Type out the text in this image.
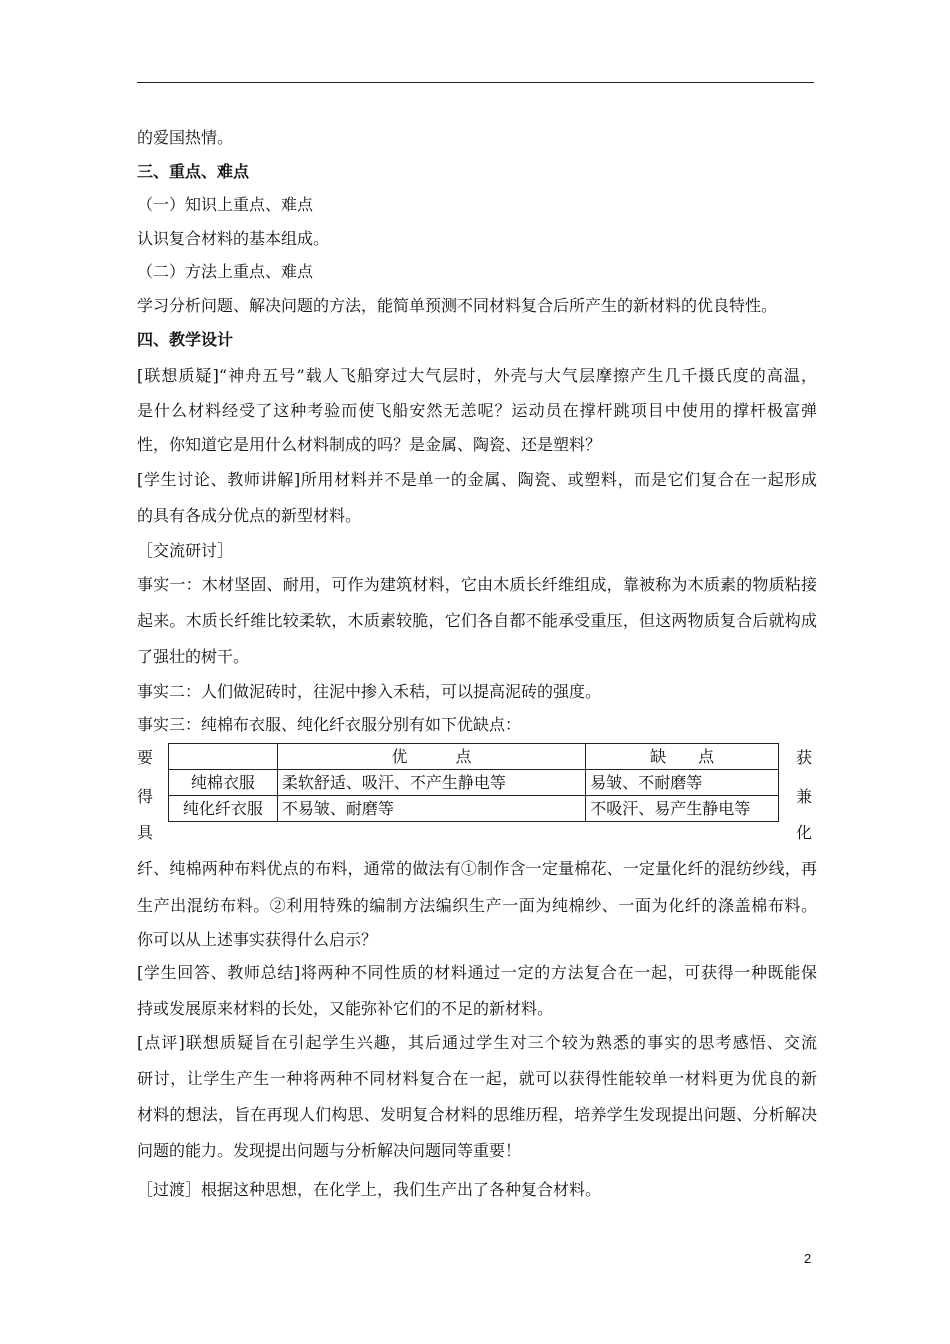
的爱国热情。
三、重点、难点
（一）知识上重点、难点
认识复合材料的基本组成。
（二）方法上重点、难点
学习分析问题、解决问题的方法，能简单预测不同材料复合后所产生的新材料的优良特性。
四、教学设计
[联想质疑]“神舟五号”载人飞船穿过大气层时，外壳与大气层摩擦产生几千摄氏度的高温，
是什么材料经受了这种考验而使飞船安然无恙呢？运动员在撑杆跳项目中使用的撑杆极富弹
性，你知道它是用什么材料制成的吗？是金属、陶瓷、还是塑料？
[学生讨论、教师讲解]所用材料并不是单一的金属、陶瓷、或塑料，而是它们复合在一起形成
的具有各成分优点的新型材料。
［交流研讨］
事实一：木材坚固、耐用，可作为建筑材料，它由木质长纤维组成，靠被称为木质素的物质粘接
起来。木质长纤维比较柔软，木质素较脆，它们各自都不能承受重压，但这两物质复合后就构成
了强壮的树干。
事实二：人们做泥砖时，往泥中掺入禾秸，可以提高泥砖的强度。
事实三：纯棉布衣服、纯化纤衣服分别有如下优缺点：
要
得
具
获
兼
化
	优　　　点	缺　　点
纯棉衣服	柔软舒适、吸汗、不产生静电等	易皱、不耐磨等
纯化纤衣服	不易皱、耐磨等	不吸汗、易产生静电等
纤、纯棉两种布料优点的布料，通常的做法有①制作含一定量棉花、一定量化纤的混纺纱线，再
生产出混纺布料。②利用特殊的编制方法编织生产一面为纯棉纱、一面为化纤的涤盖棉布料。
你可以从上述事实获得什么启示？
[学生回答、教师总结]将两种不同性质的材料通过一定的方法复合在一起，可获得一种既能保
持或发展原来材料的长处，又能弥补它们的不足的新材料。
[点评]联想质疑旨在引起学生兴趣，其后通过学生对三个较为熟悉的事实的思考感悟、交流
研讨，让学生产生一种将两种不同材料复合在一起，就可以获得性能较单一材料更为优良的新
材料的想法，旨在再现人们构思、发明复合材料的思维历程，培养学生发现提出问题、分析解决
问题的能力。发现提出问题与分析解决问题同等重要！
［过渡］根据这种思想，在化学上，我们生产出了各种复合材料。
2
